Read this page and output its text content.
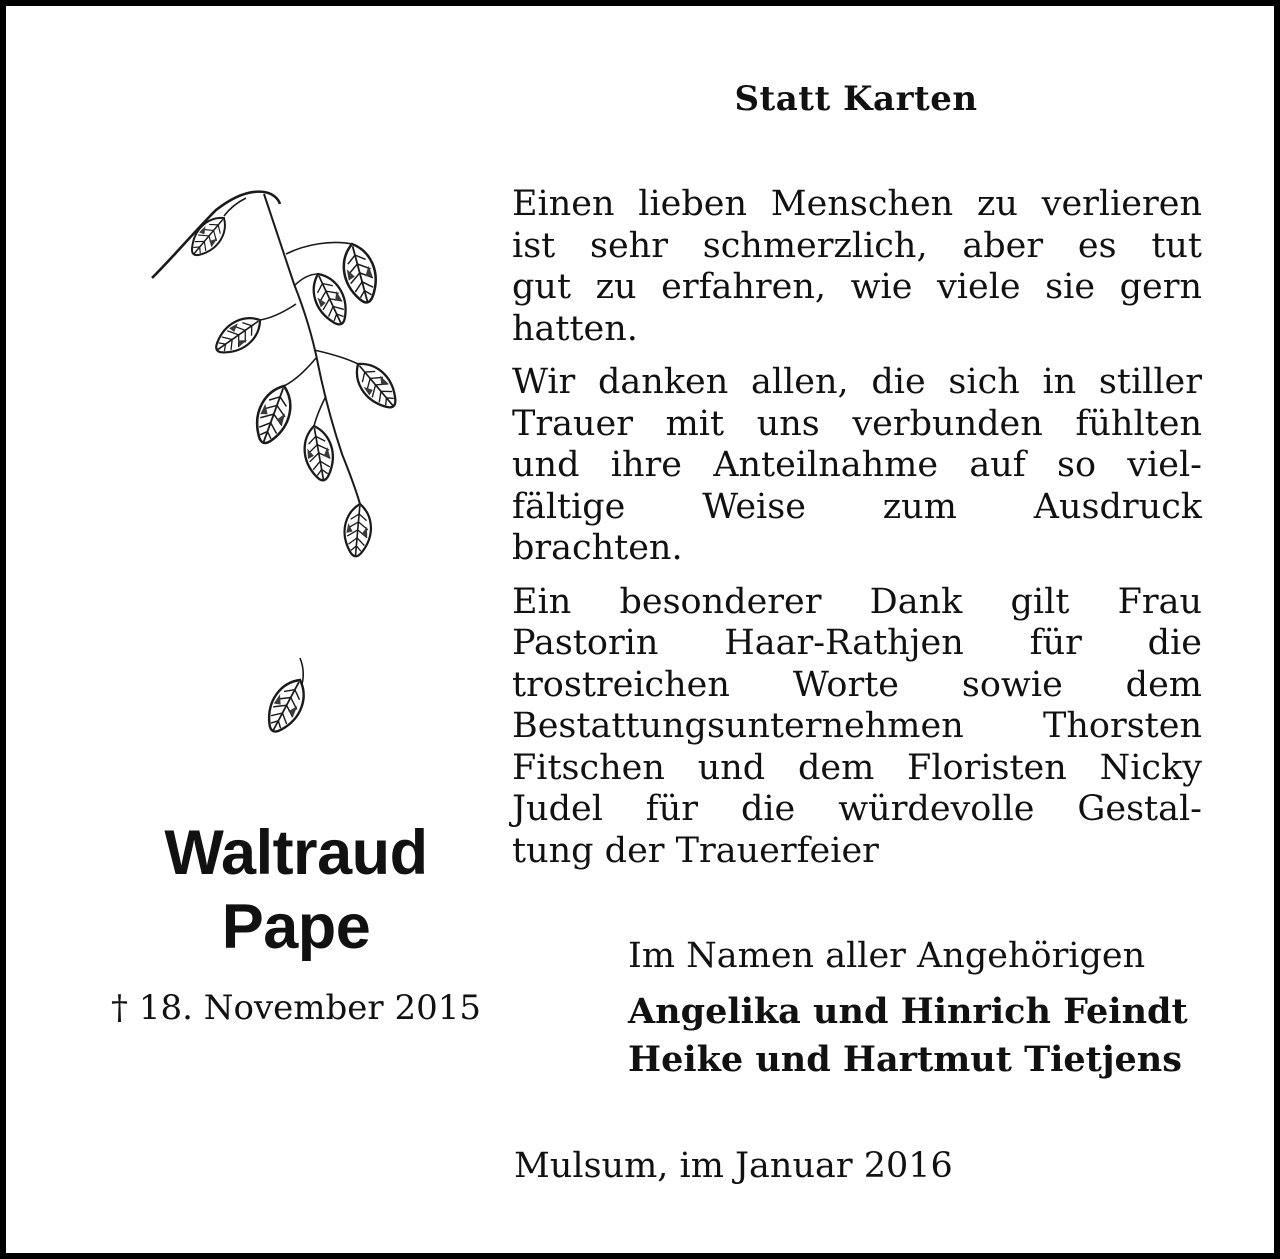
Statt Karten
Waltraud
Pape
† 18. November 2015
Einen lieben Menschen zu verlieren
ist sehr schmerzlich, aber es tut
gut zu erfahren, wie viele sie gern
hatten.
Wir danken allen, die sich in stiller
Trauer mit uns verbunden fühlten
und ihre Anteilnahme auf so viel-
fältige Weise zum Ausdruck
brachten.
Ein besonderer Dank gilt Frau
Pastorin Haar-Rathjen für die
trostreichen Worte sowie dem
Bestattungsunternehmen Thorsten
Fitschen und dem Floristen Nicky
Judel für die würdevolle Gestal-
tung der Trauerfeier
Im Namen aller Angehörigen
Angelika und Hinrich Feindt
Heike und Hartmut Tietjens
Mulsum, im Januar 2016
